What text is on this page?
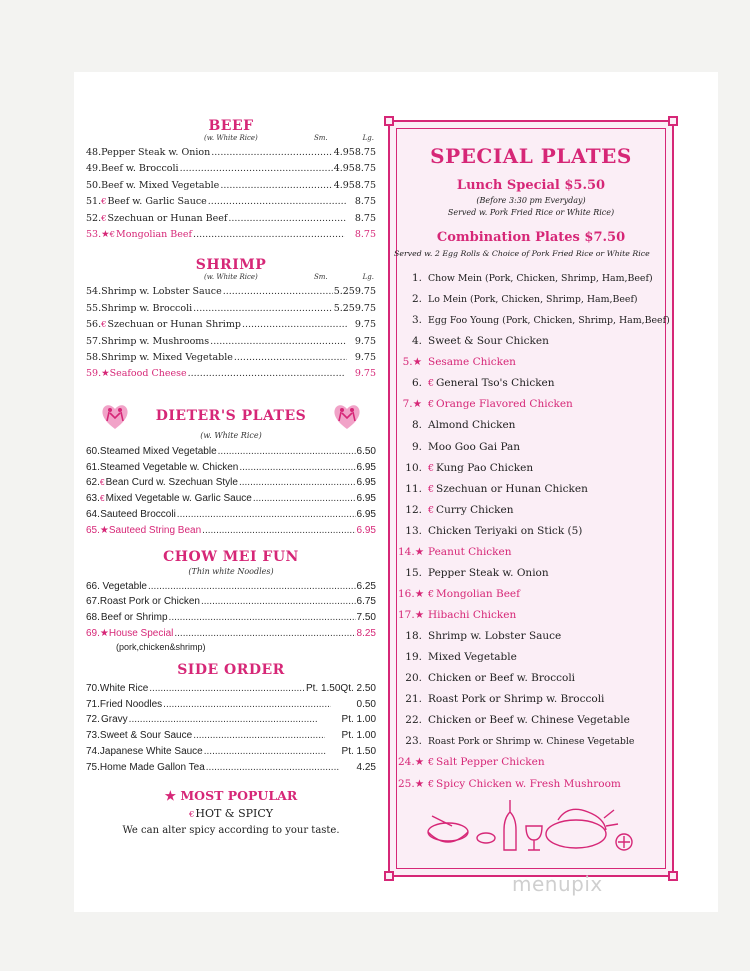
BEEF
(w. White Rice)	Sm.	Lg.
48. Pepper Steak w. Onion .....	4.95 8.75
49. Beef w. Broccoli .....	4.95 8.75
50. Beef w. Mixed Vegetable .....	4.95 8.75
51. €Beef w. Garlic Sauce .....	8.75
52. €Szechuan or Hunan Beef .....	8.75
53.★ €Mongolian Beef .....	8.75
SHRIMP
(w. White Rice)	Sm.	Lg.
54. Shrimp w. Lobster Sauce .....	5.25 9.75
55. Shrimp w. Broccoli .....	5.25 9.75
56. €Szechuan or Hunan Shrimp .....	9.75
57. Shrimp w. Mushrooms .....	9.75
58. Shrimp w. Mixed Vegetable .....	9.75
59.★ Seafood Cheese .....	9.75
DIETER'S PLATES
(w. White Rice)
60. Steamed Mixed Vegetable .....	6.50
61. Steamed Vegetable w. Chicken .....	6.95
62. €Bean Curd w. Szechuan Style .....	6.95
63. €Mixed Vegetable w. Garlic Sauce .....	6.95
64. Sauteed Broccoli .....	6.95
65.★ Sauteed String Bean .....	6.95
CHOW MEI FUN
(Thin white Noodles)
66. Vegetable .....	6.25
67. Roast Pork or Chicken .....	6.75
68. Beef or Shrimp .....	7.50
69.★ House Special .....	8.25
(pork,chicken&shrimp)
SIDE ORDER
70. White Rice .....	Pt. 1.50 Qt. 2.50
71. Fried Noodles .....	0.50
72. Gravy .....	Pt. 1.00
73. Sweet & Sour Sauce .....	Pt. 1.00
74. Japanese White Sauce .....	Pt. 1.50
75. Home Made Gallon Tea .....	4.25
★ MOST POPULAR
€HOT & SPICY
We can alter spicy according to your taste.
SPECIAL PLATES
Lunch Special $5.50
(Before 3:30 pm Everyday)
Served w. Pork Fried Rice or White Rice)
Combination Plates $7.50
Served w. 2 Egg Rolls & Choice of Pork Fried Rice or White Rice
1. Chow Mein (Pork, Chicken, Shrimp, Ham,Beef)
2. Lo Mein (Pork, Chicken, Shrimp, Ham,Beef)
3. Egg Foo Young (Pork, Chicken, Shrimp, Ham,Beef)
4. Sweet & Sour Chicken
5.★ Sesame Chicken
6. € General Tso's Chicken
7.★ € Orange Flavored Chicken
8. Almond Chicken
9. Moo Goo Gai Pan
10. € Kung Pao Chicken
11. € Szechuan or Hunan Chicken
12. € Curry Chicken
13. Chicken Teriyaki on Stick (5)
14.★ Peanut Chicken
15. Pepper Steak w. Onion
16.★ € Mongolian Beef
17.★ Hibachi Chicken
18. Shrimp w. Lobster Sauce
19. Mixed Vegetable
20. Chicken or Beef w. Broccoli
21. Roast Pork or Shrimp w. Broccoli
22. Chicken or Beef w. Chinese Vegetable
23. Roast Pork or Shrimp w. Chinese Vegetable
24.★ € Salt Pepper Chicken
25.★ € Spicy Chicken w. Fresh Mushroom
menupix
